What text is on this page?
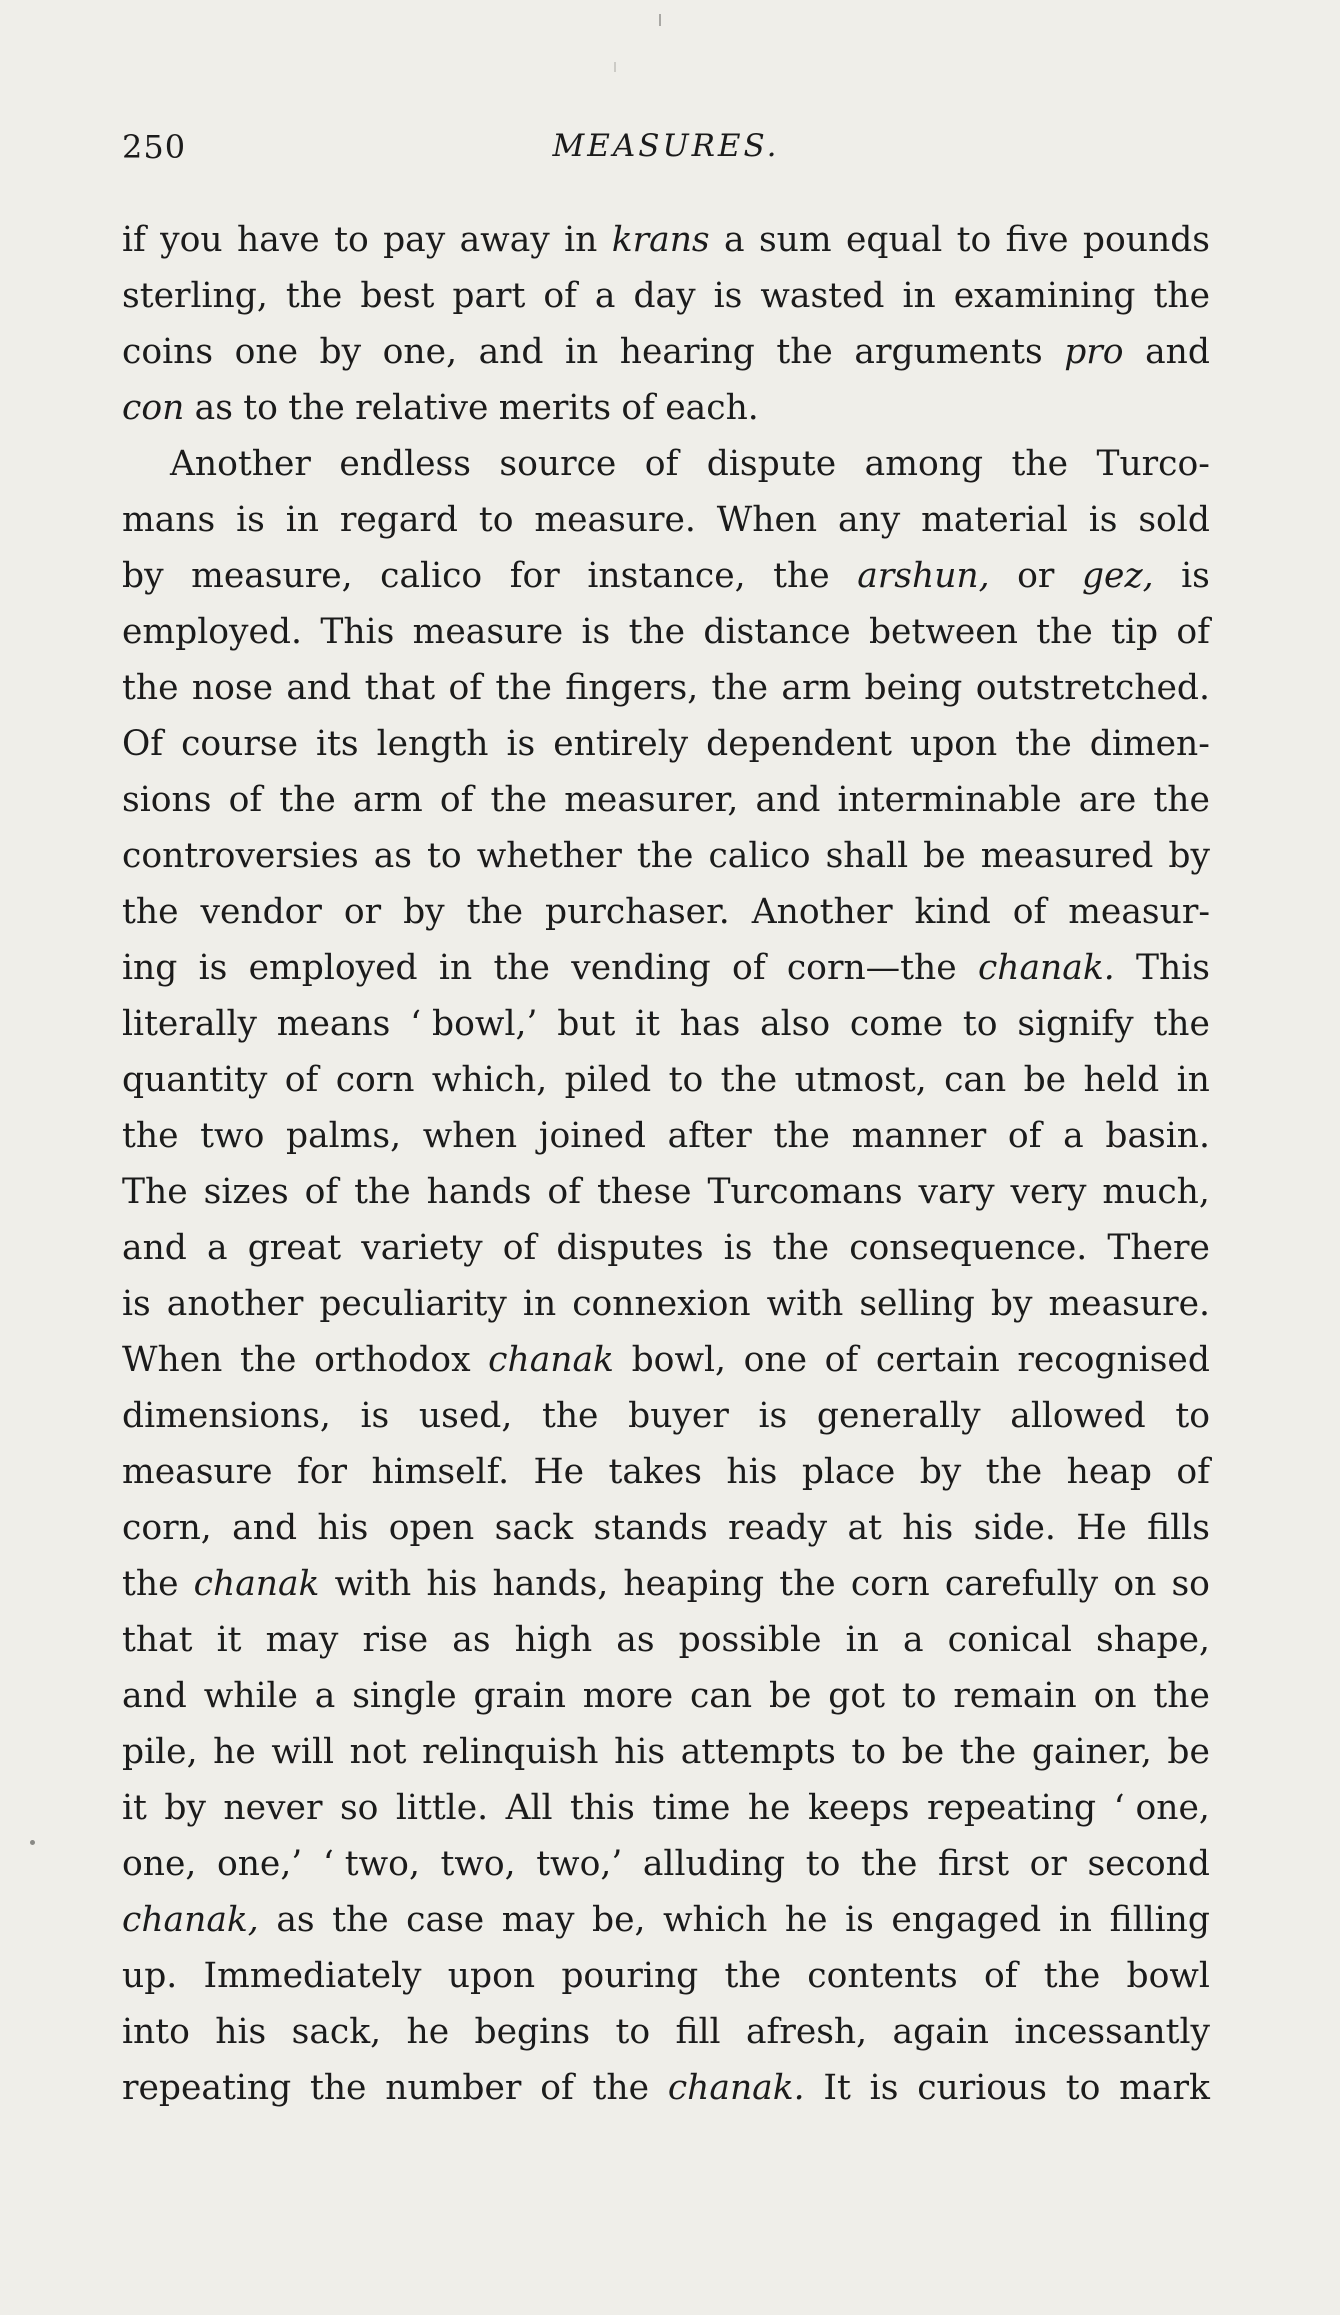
250	MEASURES.
if you have to pay away in krans a sum equal to five pounds
sterling, the best part of a day is wasted in examining the
coins one by one, and in hearing the arguments pro and
con as to the relative merits of each.
Another endless source of dispute among the Turco-
mans is in regard to measure. When any material is sold
by measure, calico for instance, the arshun, or gez, is
employed. This measure is the distance between the tip of
the nose and that of the fingers, the arm being outstretched.
Of course its length is entirely dependent upon the dimen-
sions of the arm of the measurer, and interminable are the
controversies as to whether the calico shall be measured by
the vendor or by the purchaser. Another kind of measur-
ing is employed in the vending of corn—the chanak. This
literally means ‘ bowl,’ but it has also come to signify the
quantity of corn which, piled to the utmost, can be held in
the two palms, when joined after the manner of a basin.
The sizes of the hands of these Turcomans vary very much,
and a great variety of disputes is the consequence. There
is another peculiarity in connexion with selling by measure.
When the orthodox chanak bowl, one of certain recognised
dimensions, is used, the buyer is generally allowed to
measure for himself. He takes his place by the heap of
corn, and his open sack stands ready at his side. He fills
the chanak with his hands, heaping the corn carefully on so
that it may rise as high as possible in a conical shape,
and while a single grain more can be got to remain on the
pile, he will not relinquish his attempts to be the gainer, be
it by never so little. All this time he keeps repeating ‘ one,
one, one,’ ‘ two, two, two,’ alluding to the first or second
chanak, as the case may be, which he is engaged in filling
up. Immediately upon pouring the contents of the bowl
into his sack, he begins to fill afresh, again incessantly
repeating the number of the chanak. It is curious to mark
